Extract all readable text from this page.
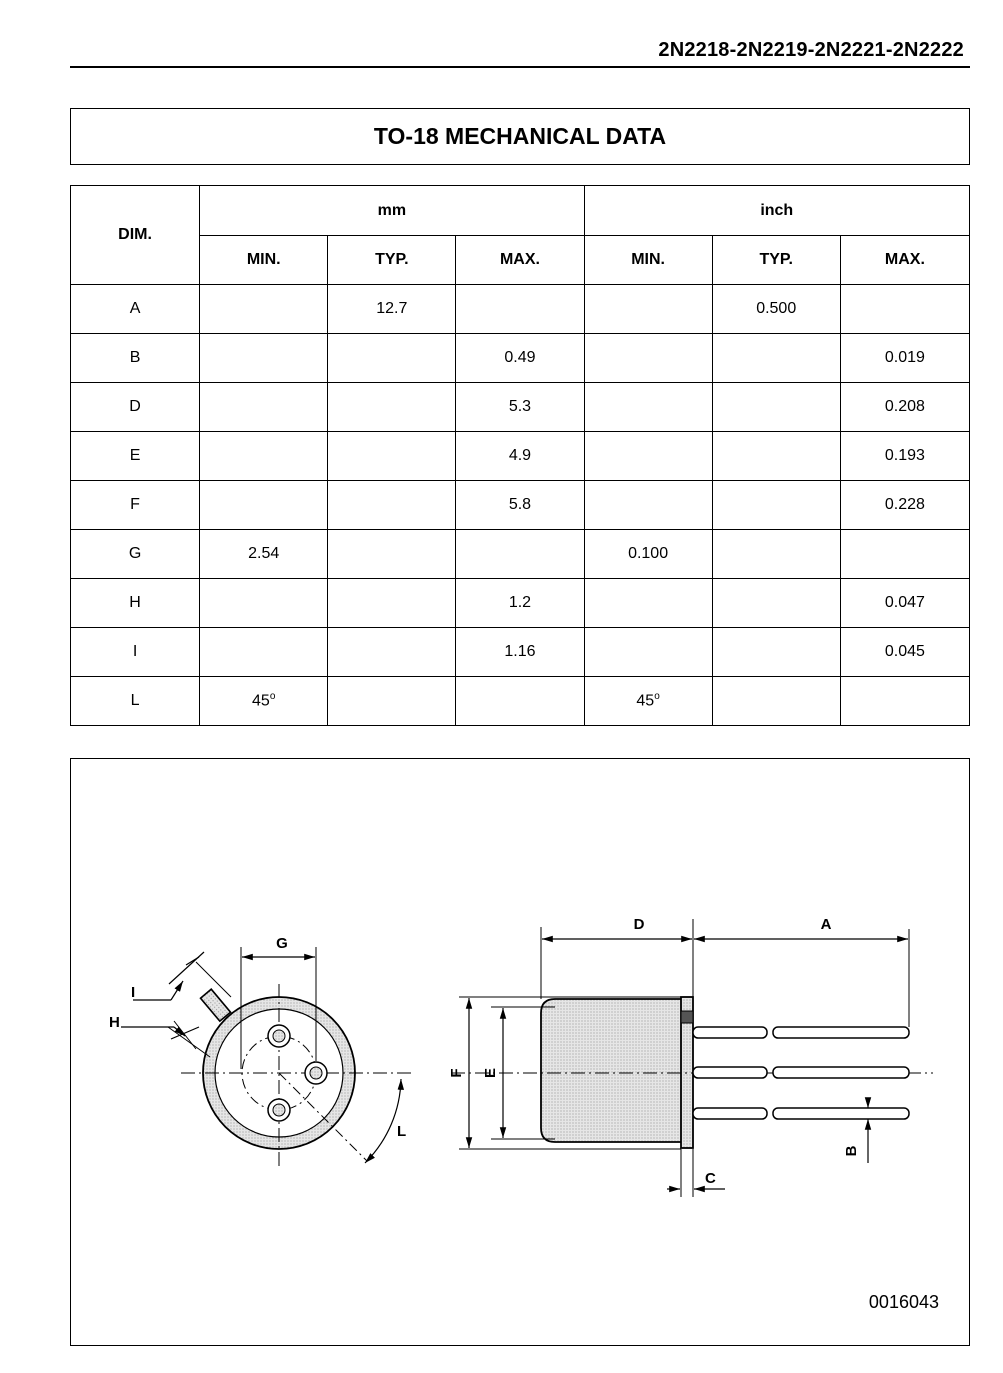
2N2218-2N2219-2N2221-2N2222
TO-18 MECHANICAL DATA
DIM.	mm			inch		
	MIN.	TYP.	MAX.	MIN.	TYP.	MAX.
A		12.7			0.500	
B			0.49			0.019
D			5.3			0.208
E			4.9			0.193
F			5.8			0.228
G	2.54			0.100		
H			1.2			0.047
I			1.16			0.045
L	45$^o$			45$^o$		
G
I
H
L
D	A
F E
B
C
0016043
